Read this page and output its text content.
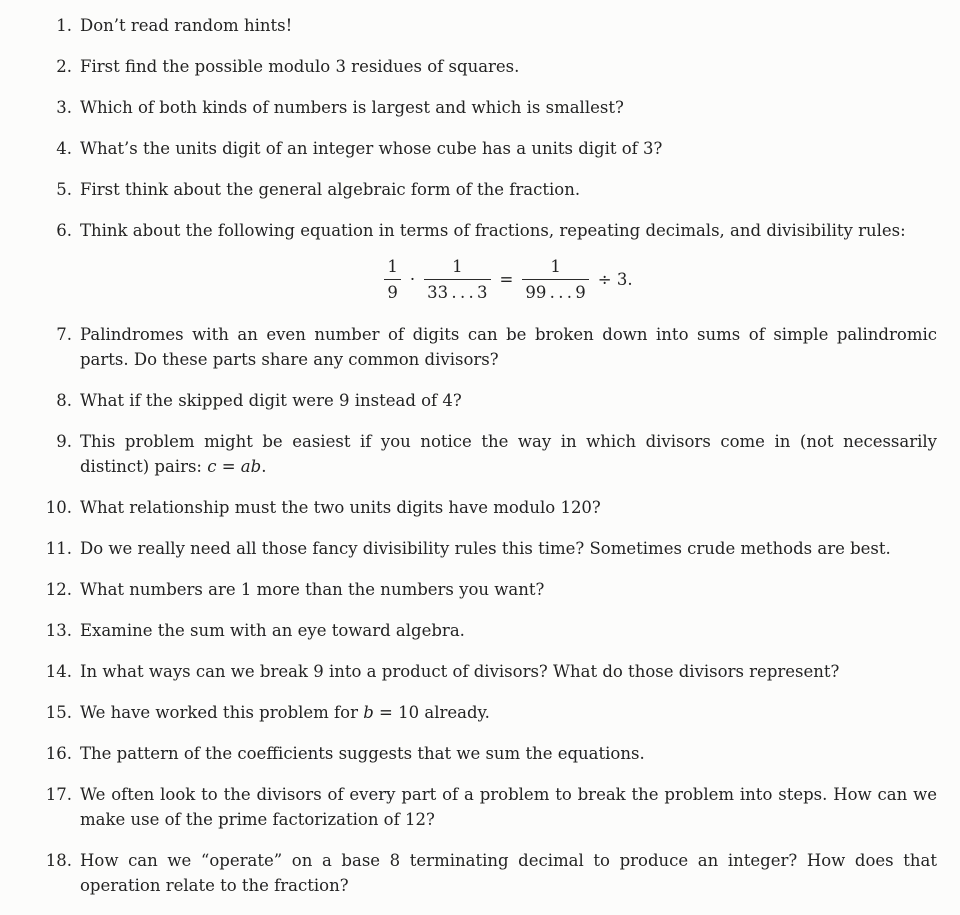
1. Don’t read random hints!
2. First find the possible modulo 3 residues of squares.
3. Which of both kinds of numbers is largest and which is smallest?
4. What’s the units digit of an integer whose cube has a units digit of 3?
5. First think about the general algebraic form of the fraction.
6. Think about the following equation in terms of fractions, repeating decimals, and divisibility rules:
$\frac{1}{9} \cdot \frac{1}{33 . . . 3} = \frac{1}{99 . . . 9} \div 3$.
7. Palindromes with an even number of digits can be broken down into sums of simple palindromic parts. Do these parts share any common divisors?
8. What if the skipped digit were 9 instead of 4?
9. This problem might be easiest if you notice the way in which divisors come in (not necessarily distinct) pairs: c = ab.
10. What relationship must the two units digits have modulo 120?
11. Do we really need all those fancy divisibility rules this time? Sometimes crude methods are best.
12. What numbers are 1 more than the numbers you want?
13. Examine the sum with an eye toward algebra.
14. In what ways can we break 9 into a product of divisors? What do those divisors represent?
15. We have worked this problem for b = 10 already.
16. The pattern of the coefficients suggests that we sum the equations.
17. We often look to the divisors of every part of a problem to break the problem into steps. How can we make use of the prime factorization of 12?
18. How can we “operate” on a base 8 terminating decimal to produce an integer? How does that operation relate to the fraction?
